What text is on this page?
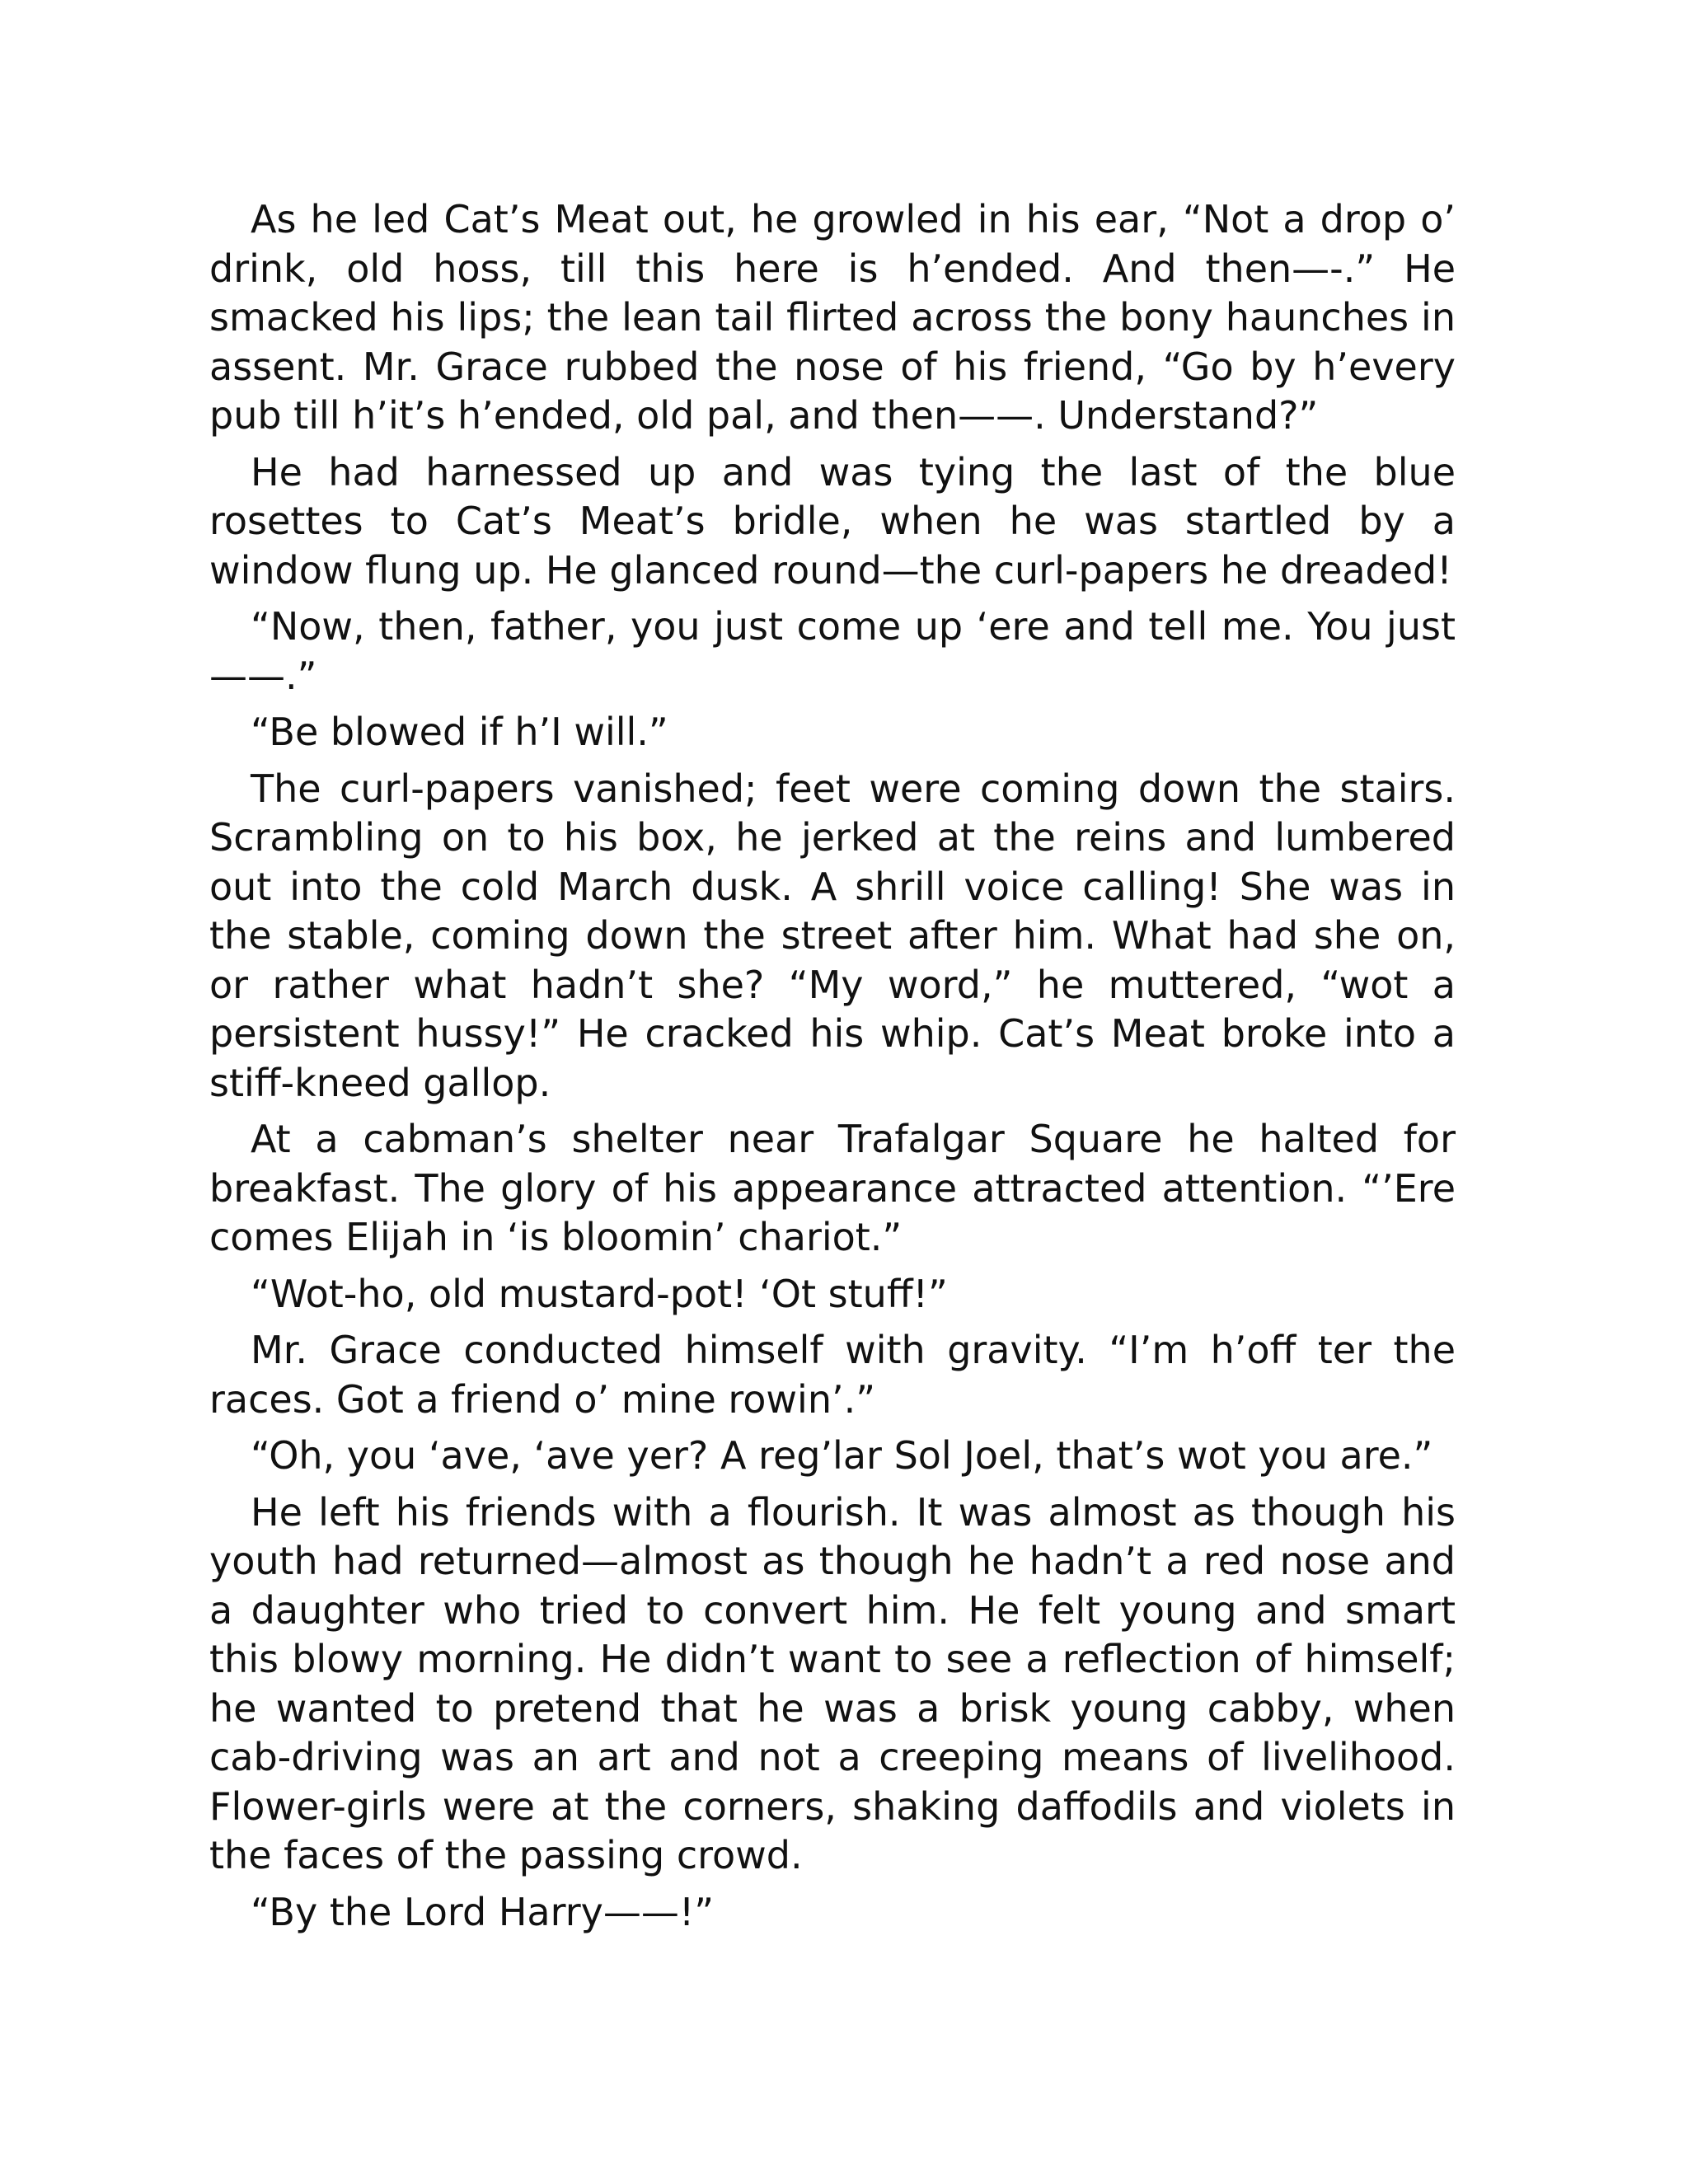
As he led Cat’s Meat out, he growled in his ear, “Not a drop o’ drink, old hoss, till this here is h’ended. And then—-.” He smacked his lips; the lean tail flirted across the bony haunches in assent. Mr. Grace rubbed the nose of his friend, “Go by h’every pub till h’it’s h’ended, old pal, and then——. Understand?”

He had harnessed up and was tying the last of the blue rosettes to Cat’s Meat’s bridle, when he was startled by a window flung up. He glanced round—the curl-papers he dreaded!

“Now, then, father, you just come up ‘ere and tell me. You just ——.”

“Be blowed if h’I will.”

The curl-papers vanished; feet were coming down the stairs. Scrambling on to his box, he jerked at the reins and lumbered out into the cold March dusk. A shrill voice calling! She was in the stable, coming down the street after him. What had she on, or rather what hadn’t she? “My word,” he muttered, “wot a persistent hussy!” He cracked his whip. Cat’s Meat broke into a stiff-kneed gallop.

At a cabman’s shelter near Trafalgar Square he halted for breakfast. The glory of his appearance attracted attention. “’Ere comes Elijah in ‘is bloomin’ chariot.”

“Wot-ho, old mustard-pot! ‘Ot stuff!”

Mr. Grace conducted himself with gravity. “I’m h’off ter the races. Got a friend o’ mine rowin’.”

“Oh, you ‘ave, ‘ave yer? A reg’lar Sol Joel, that’s wot you are.”

He left his friends with a flourish. It was almost as though his youth had returned—almost as though he hadn’t a red nose and a daughter who tried to convert him. He felt young and smart this blowy morning. He didn’t want to see a reflection of himself; he wanted to pretend that he was a brisk young cabby, when cab-driving was an art and not a creeping means of livelihood. Flower-girls were at the corners, shaking daffodils and violets in the faces of the passing crowd.

“By the Lord Harry——!”
